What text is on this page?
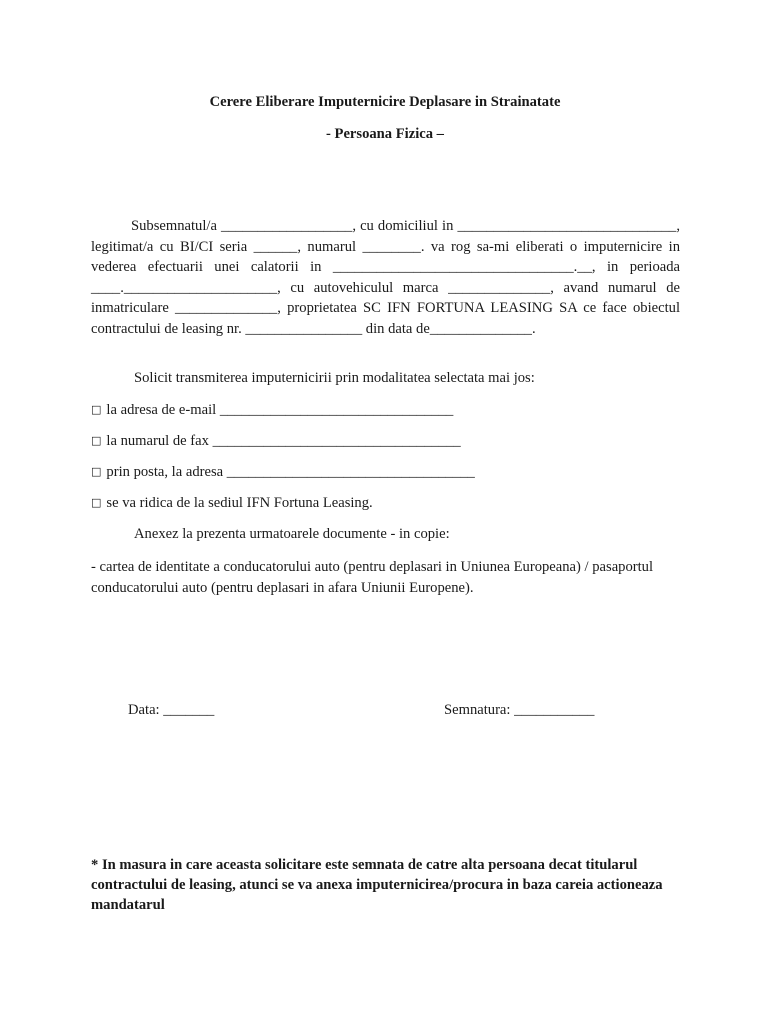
Cerere Eliberare Imputernicire Deplasare in Strainatate
- Persoana Fizica –
Subsemnatul/a __________________, cu domiciliul in ______________________________, legitimat/a cu BI/CI seria ______, numarul ________. va rog sa-mi eliberati o imputernicire in vederea efectuarii unei calatorii in _________________________________.__, in perioada ____._____________________, cu autovehiculul marca ______________, avand numarul de inmatriculare ______________, proprietatea SC IFN FORTUNA LEASING SA ce face obiectul contractului de leasing nr. ________________ din data de______________.
Solicit transmiterea imputernicirii prin modalitatea selectata mai jos:
□ la adresa de e-mail ________________________________
□ la numarul de fax __________________________________
□ prin posta, la adresa __________________________________
□ se va ridica de la sediul IFN Fortuna Leasing.
Anexez la prezenta urmatoarele documente - in copie:
- cartea de identitate a conducatorului auto (pentru deplasari in Uniunea Europeana) / pasaportul conducatorului auto (pentru deplasari in afara Uniunii Europene).
Data: _______	Semnatura: ___________
* In masura in care aceasta solicitare este semnata de catre alta persoana decat titularul contractului de leasing, atunci se va anexa imputernicirea/procura in baza careia actioneaza mandatarul
